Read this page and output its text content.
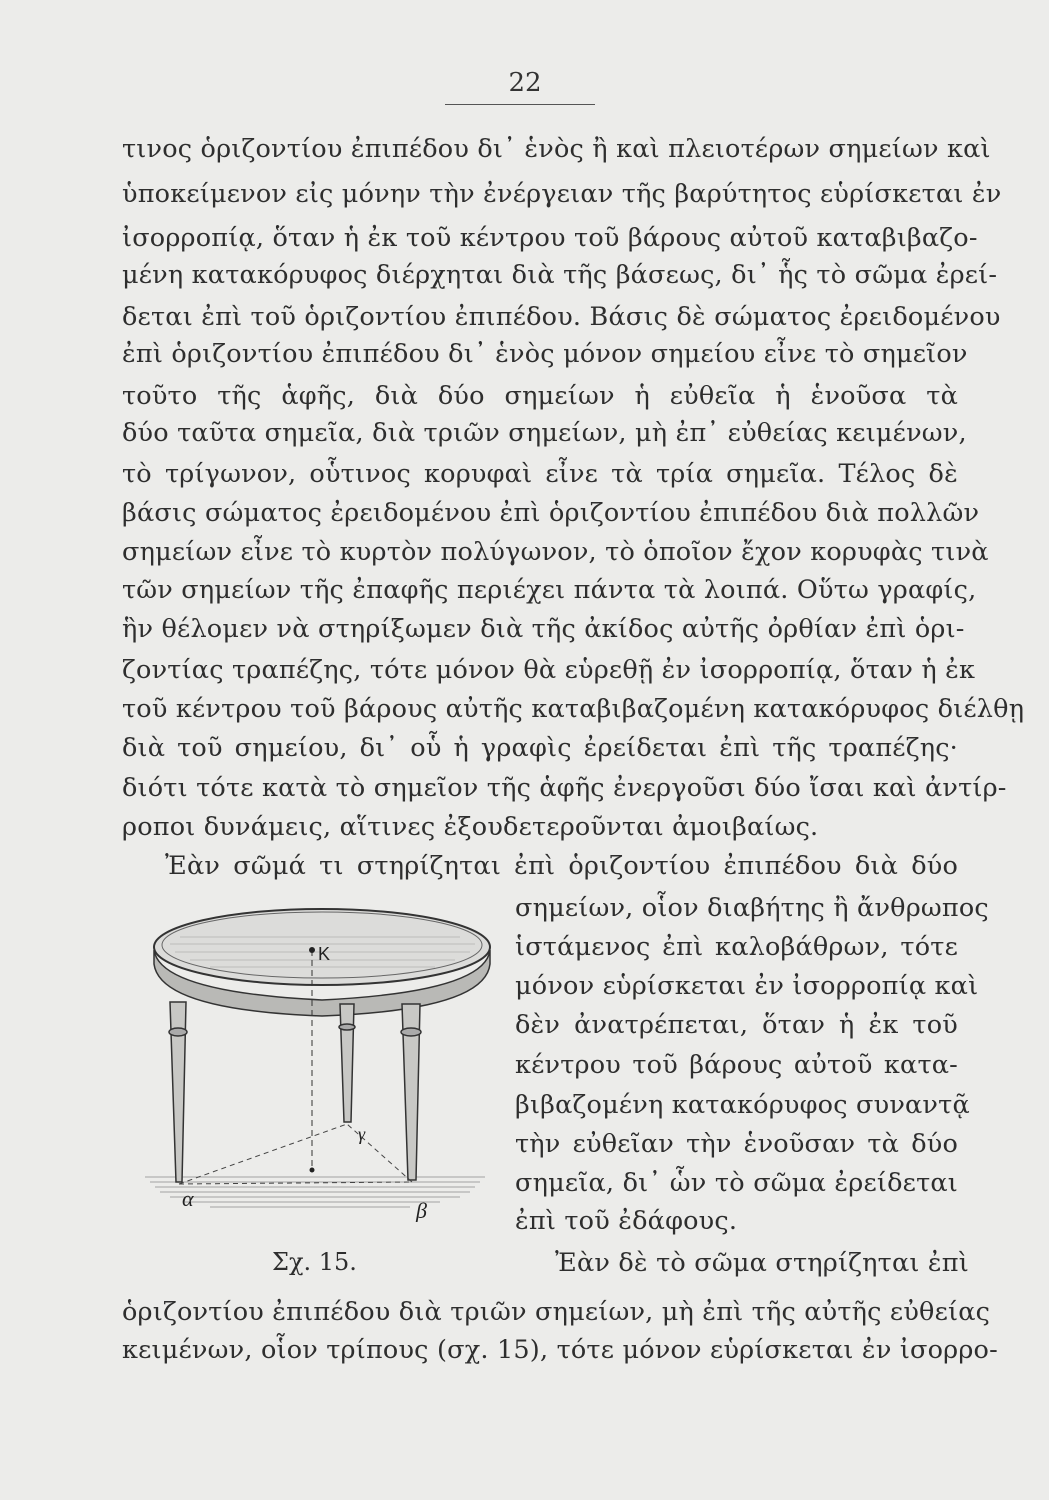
22
τινος ὁριζοντίου ἐπιπέδου δι᾽ ἑνὸς ἢ καὶ πλειοτέρων σημείων καὶ
ὑποκείμενον εἰς μόνην τὴν ἐνέργειαν τῆς βαρύτητος εὑρίσκεται ἐν
ἰσορροπίᾳ, ὅταν ἡ ἐκ τοῦ κέντρου τοῦ βάρους αὐτοῦ καταβιβαζο-
μένη κατακόρυφος διέρχηται διὰ τῆς βάσεως, δι᾽ ἧς τὸ σῶμα ἐρεί-
δεται ἐπὶ τοῦ ὁριζοντίου ἐπιπέδου. Βάσις δὲ σώματος ἐρειδομένου
ἐπὶ ὁριζοντίου ἐπιπέδου δι᾽ ἑνὸς μόνον σημείου εἶνε τὸ σημεῖον
τοῦτο τῆς ἁφῆς, διὰ δύο σημείων ἡ εὐθεῖα ἡ ἑνοῦσα τὰ
δύο ταῦτα σημεῖα, διὰ τριῶν σημείων, μὴ ἐπ᾽ εὐθείας κειμένων,
τὸ τρίγωνον, οὗτινος κορυφαὶ εἶνε τὰ τρία σημεῖα. Τέλος δὲ
βάσις σώματος ἐρειδομένου ἐπὶ ὁριζοντίου ἐπιπέδου διὰ πολλῶν
σημείων εἶνε τὸ κυρτὸν πολύγωνον, τὸ ὁποῖον ἔχον κορυφὰς τινὰ
τῶν σημείων τῆς ἐπαφῆς περιέχει πάντα τὰ λοιπά. Οὕτω γραφίς,
ἣν θέλομεν νὰ στηρίξωμεν διὰ τῆς ἀκίδος αὐτῆς ὀρθίαν ἐπὶ ὁρι-
ζοντίας τραπέζης, τότε μόνον θὰ εὑρεθῇ ἐν ἰσορροπίᾳ, ὅταν ἡ ἐκ
τοῦ κέντρου τοῦ βάρους αὐτῆς καταβιβαζομένη κατακόρυφος διέλθῃ
διὰ τοῦ σημείου, δι᾽ οὗ ἡ γραφὶς ἐρείδεται ἐπὶ τῆς τραπέζης·
διότι τότε κατὰ τὸ σημεῖον τῆς ἁφῆς ἐνεργοῦσι δύο ἴσαι καὶ ἀντίρ-
ροποι δυνάμεις, αἵτινες ἐξουδετεροῦνται ἀμοιβαίως.
Ἐὰν σῶμά τι στηρίζηται ἐπὶ ὁριζοντίου ἐπιπέδου διὰ δύο
σημείων, οἷον διαβήτης ἢ ἄνθρωπος
ἱστάμενος ἐπὶ καλοβάθρων, τότε
μόνον εὑρίσκεται ἐν ἰσορροπίᾳ καὶ
δὲν ἀνατρέπεται, ὅταν ἡ ἐκ τοῦ
κέντρου τοῦ βάρους αὐτοῦ κατα-
βιβαζομένη κατακόρυφος συναντᾷ
τὴν εὐθεῖαν τὴν ἑνοῦσαν τὰ δύο
σημεῖα, δι᾽ ὧν τὸ σῶμα ἐρείδεται
ἐπὶ τοῦ ἐδάφους.
Ἐὰν δὲ τὸ σῶμα στηρίζηται ἐπὶ
ὁριζοντίου ἐπιπέδου διὰ τριῶν σημείων, μὴ ἐπὶ τῆς αὐτῆς εὐθείας
κειμένων, οἷον τρίπους (σχ. 15), τότε μόνον εὑρίσκεται ἐν ἰσορρο-
K
α	β
γ
Σχ. 15.
